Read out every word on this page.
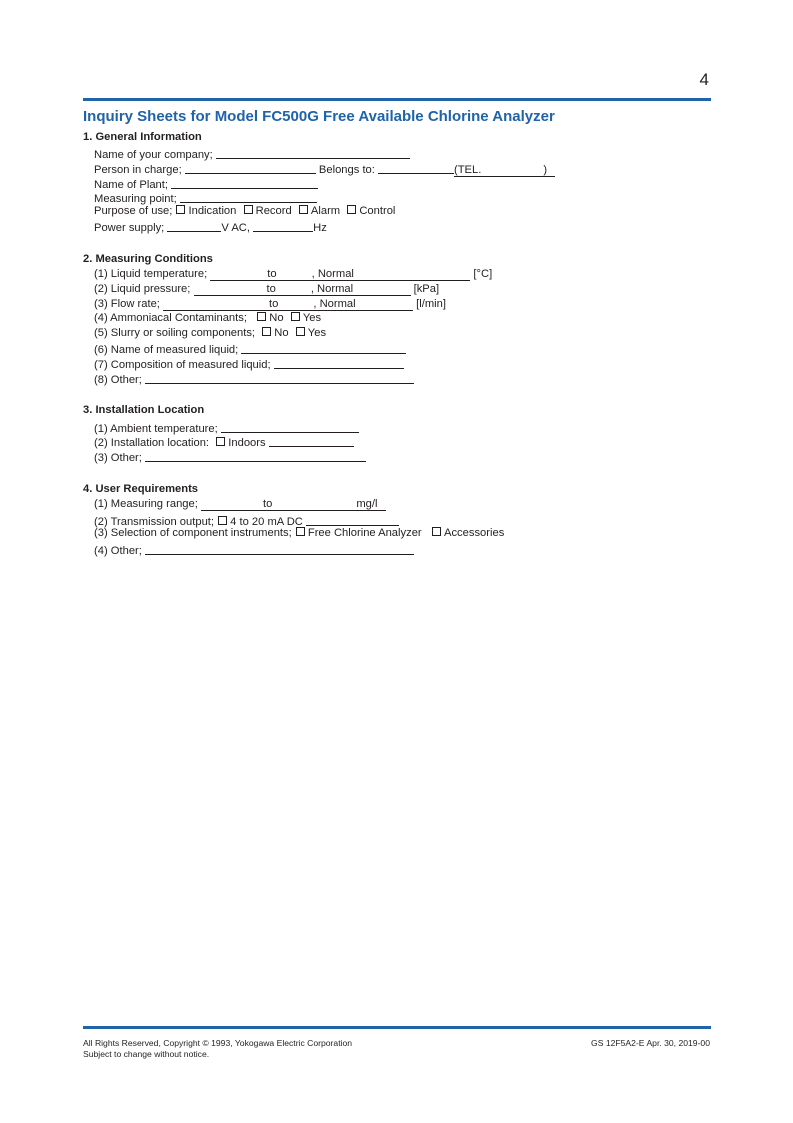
4
Inquiry Sheets for Model FC500G Free Available Chlorine Analyzer
1. General Information
Name of your company;
Person in charge;	Belongs to:	(TEL.	)
Name of Plant;
Measuring point;
Purpose of use; Indication Record Alarm Control
Power supply;	V AC,	Hz
2. Measuring Conditions
(1) Liquid temperature;	to	, Normal	[°C]
(2) Liquid pressure;	to	, Normal	[kPa]
(3) Flow rate;	to	, Normal	[l/min]
(4) Ammoniacal Contaminants; No Yes
(5) Slurry or soiling components; No Yes
(6) Name of measured liquid;
(7) Composition of measured liquid;
(8) Other;
3. Installation Location
(1) Ambient temperature;
(2) Installation location: Indoors
(3) Other;
4. User Requirements
(1) Measuring range;	to	mg/l
(2) Transmission output; 4 to 20 mA DC
(3) Selection of component instruments; Free Chlorine Analyzer Accessories
(4) Other;
All Rights Reserved, Copyright © 1993, Yokogawa Electric Corporation
Subject to change without notice.
GS 12F5A2-E Apr. 30, 2019-00
